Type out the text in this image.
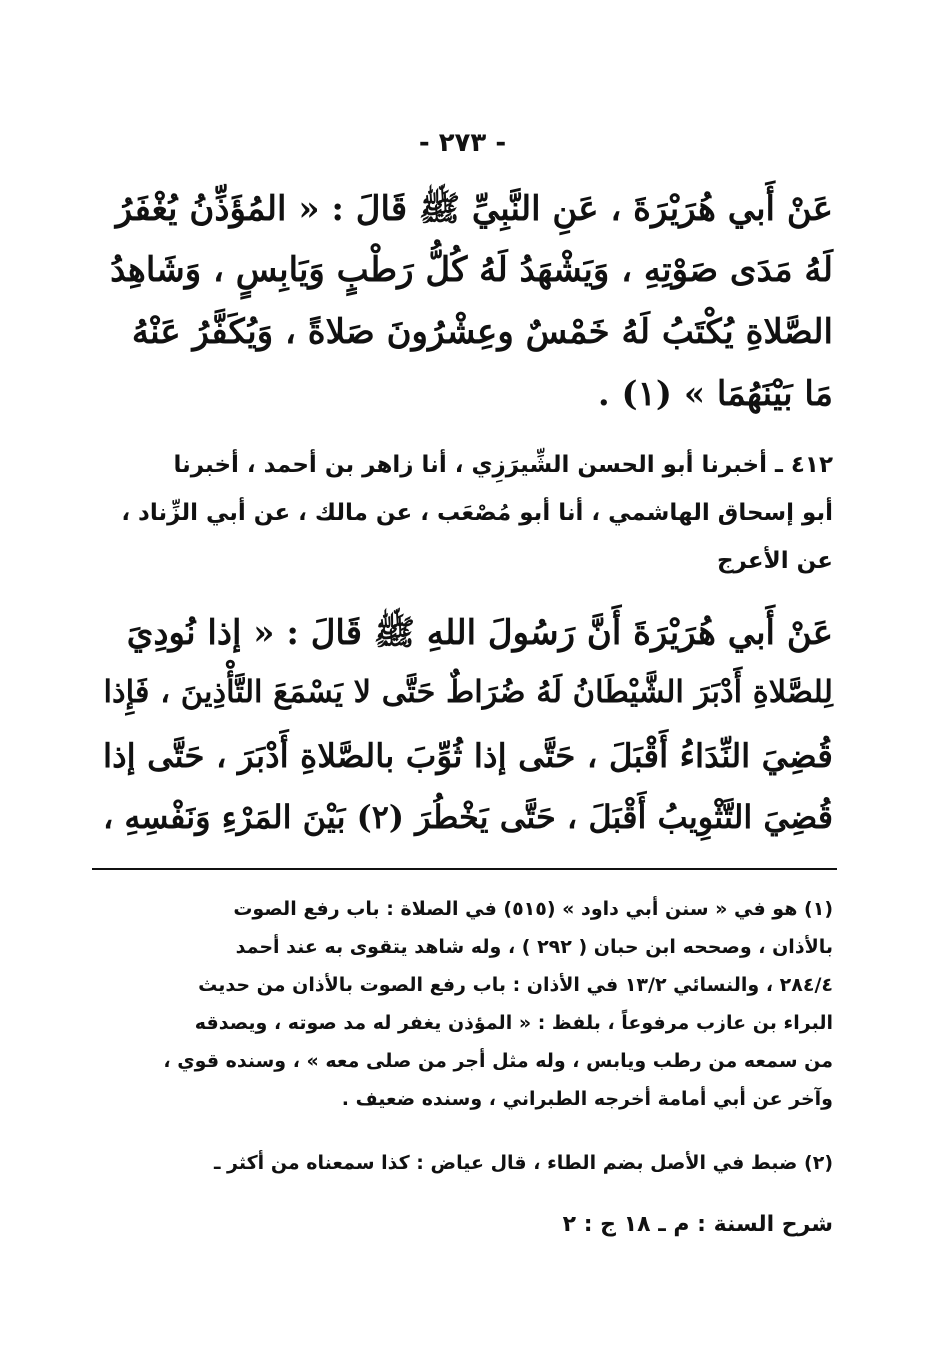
- ٢٧٣ -
عَنْ أَبي هُرَيْرَةَ ، عَنِ النَّبِيِّ ﷺ قَالَ : « المُؤَذِّنُ يُغْفَرُ
لَهُ مَدَى صَوْتِهِ ، وَيَشْهَدُ لَهُ كُلُّ رَطْبٍ وَيَابِسٍ ، وَشَاهِدُ
الصَّلاةِ يُكْتَبُ لَهُ خَمْسٌ وعِشْرُونَ صَلاةً ، وَيُكَفَّرُ عَنْهُ
مَا بَيْنَهُمَا » (١) .
٤١٢ ـ أخبرنا أبو الحسن الشِّيرَزِي ، أنا زاهر بن أحمد ، أخبرنا
أبو إسحاق الهاشمي ، أنا أبو مُصْعَب ، عن مالك ، عن أبي الزِّناد ،
عن الأعرج
عَنْ أَبي هُرَيْرَةَ أَنَّ رَسُولَ اللهِ ﷺ قَالَ : « إذا نُودِيَ
لِلصَّلاةِ أَدْبَرَ الشَّيْطَانُ لَهُ ضُرَاطٌ حَتَّى لا يَسْمَعَ التَّأْذِينَ ، فَإِذا
قُضِيَ النِّدَاءُ أَقْبَلَ ، حَتَّى إذا ثُوِّبَ بالصَّلاةِ أَدْبَرَ ، حَتَّى إذا
قُضِيَ التَّثْوِيبُ أَقْبَلَ ، حَتَّى يَخْطُرَ (٢) بَيْنَ المَرْءِ وَنَفْسِهِ ،
(١) هو في « سنن أبي داود » (٥١٥) في الصلاة : باب رفع الصوت
بالأذان ، وصححه ابن حبان ( ٢٩٢ ) ، وله شاهد يتقوى به عند أحمد
٢٨٤/٤ ، والنسائي ١٣/٢ في الأذان : باب رفع الصوت بالأذان من حديث
البراء بن عازب مرفوعاً ، بلفظ : « المؤذن يغفر له مد صوته ، ويصدقه
من سمعه من رطب ويابس ، وله مثل أجر من صلى معه » ، وسنده قوي ،
وآخر عن أبي أمامة أخرجه الطبراني ، وسنده ضعيف .
(٢) ضبط في الأصل بضم الطاء ، قال عياض : كذا سمعناه من أكثر ـ
شرح السنة : م ـ ١٨ ج : ٢
